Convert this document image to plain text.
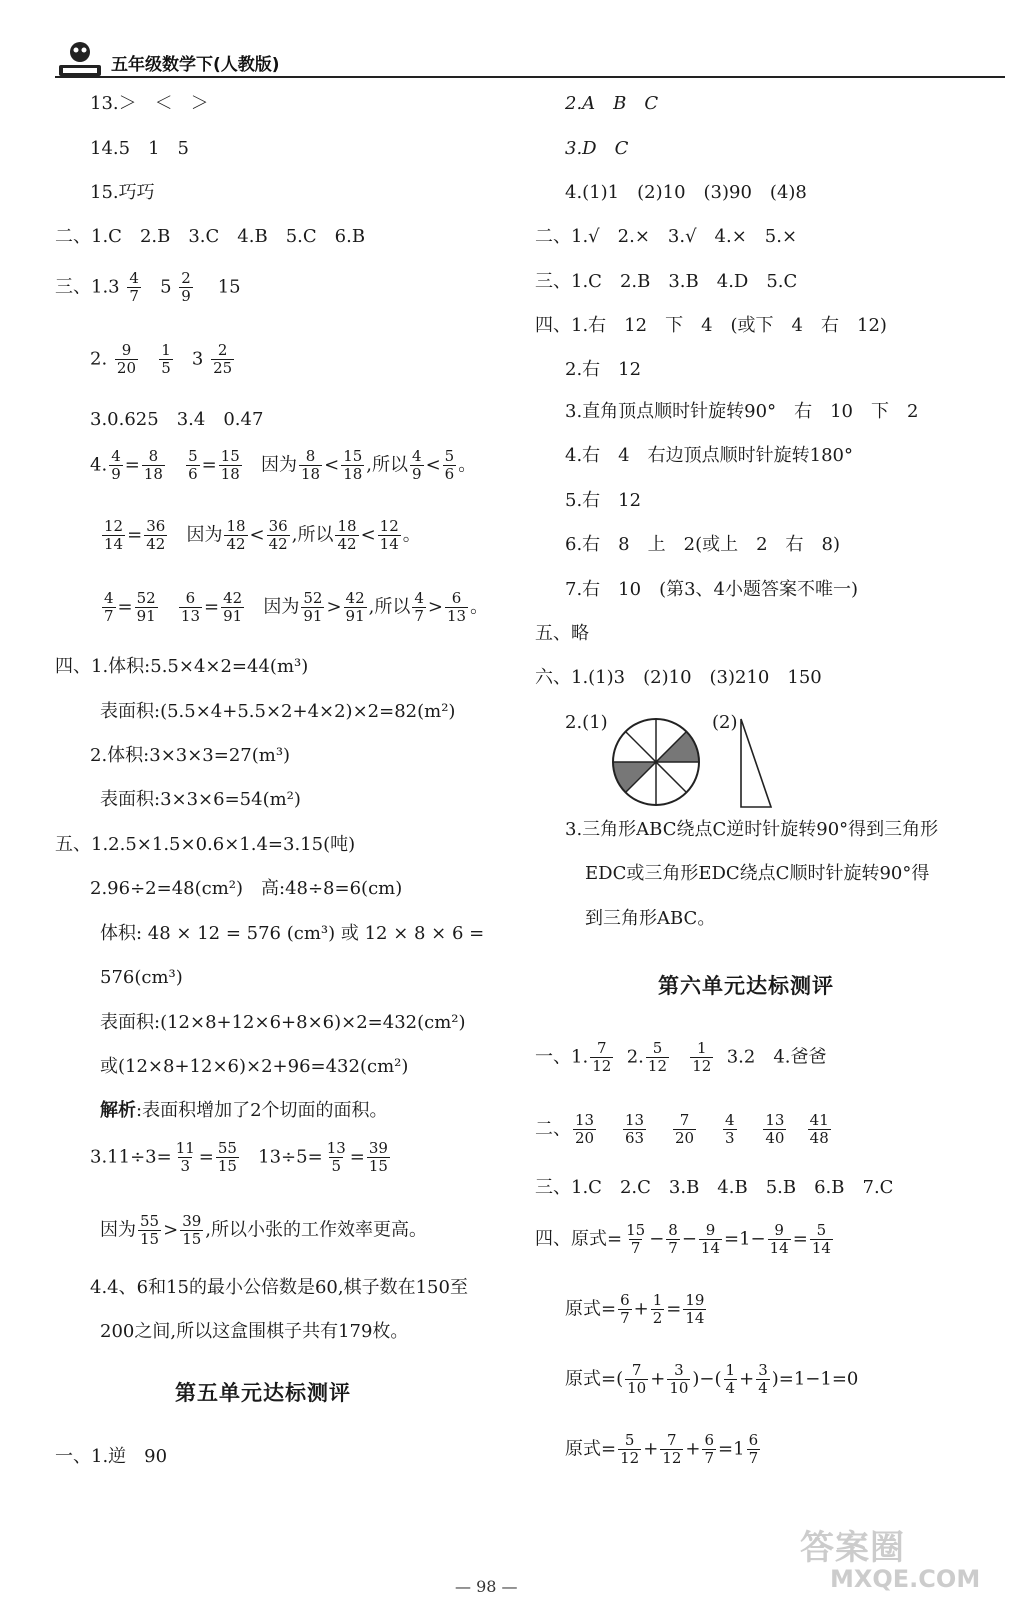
五年级数学下(人教版)
13.＞　＜　＞
14.5　1　5
15.巧巧
二、1.C　2.B　3.C　4.B　5.C　6.B
三、$1.3 \frac{4}{7} 5 \frac{2}{9} 15$
2. $\frac{9}{20}$
$\frac{1}{5} 3 \frac{2}{25}$
3.0.625　3.4　0.47
4. $\frac{4}{9} = \frac{8}{18}$
$\frac{5}{6} = \frac{15}{18}$ 因为 $\frac{8}{18} < \frac{15}{18}$ ,所以 $\frac{4}{9} < \frac{5}{6}$ 。
$\frac{12}{14} = \frac{36}{42}$ 因为 $\frac{18}{42} < \frac{36}{42}$ ,所以 $\frac{18}{42} < \frac{12}{14}$ 。
$\frac{4}{7} = \frac{52}{91}$
$\frac{6}{13} = \frac{42}{91}$ 因为 $\frac{52}{91} > \frac{42}{91}$ ,所以 $\frac{4}{7} > \frac{6}{13}$ 。
四、1.体积:5.5×4×2=44(m³)
表面积:(5.5×4+5.5×2+4×2)×2=82(m²)
2.体积:3×3×3=27(m³)
表面积:3×3×6=54(m²)
五、1.2.5×1.5×0.6×1.4=3.15(吨)
2.96÷2=48(cm²)　高:48÷8=6(cm)
体积: 48 × 12 = 576 (cm³) 或 12 × 8 × 6 =
576(cm³)
表面积:(12×8+12×6+8×6)×2=432(cm²)
或(12×8+12×6)×2+96=432(cm²)
解析:表面积增加了2个切面的面积。
$3.11\div 3= \frac{11}{3} = \frac{55}{15} 13\div 5= \frac{13}{5} = \frac{39}{15}$
因为 $\frac{55}{15} > \frac{39}{15}$ ,所以小张的工作效率更高。
4.4、6和15的最小公倍数是60,棋子数在150至
200之间,所以这盒围棋子共有179枚。
第五单元达标测评
一、1.逆　90
2.A　B　C
3.D　C
4.(1)1　(2)10　(3)90　(4)8
二、1.√　2.×　3.√　4.×　5.×
三、1.C　2.B　3.B　4.D　5.C
四、1.右　12　下　4　(或下　4　右　12)
2.右　12
3.直角顶点顺时针旋转90°　右　10　下　2
4.右　4　右边顶点顺时针旋转180°
5.右　12
6.右　8　上　2(或上　2　右　8)
7.右　10　(第3、4小题答案不唯一)
五、略
六、1.(1)3　(2)10　(3)210　150
2.(1)	(2)
3.三角形ABC绕点C逆时针旋转90°得到三角形
EDC或三角形EDC绕点C顺时针旋转90°得
到三角形ABC。
第六单元达标测评
一、1. $\frac{7}{12} 2$. $\frac{5}{12}$
$\frac{1}{12} 3.2$　4.爸爸
二、 $\frac{13}{20}$
$\frac{13}{63}$
$\frac{7}{20}$
$\frac{4}{3}$
$\frac{13}{40}$
$\frac{41}{48}$
三、1.C　2.C　3.B　4.B　5.B　6.B　7.C
四、原式= $\frac{15}{7} - \frac{8}{7} - \frac{9}{14} =1- \frac{9}{14} = \frac{5}{14}$
原式= $\frac{6}{7} + \frac{1}{2} = \frac{19}{14}$
原式=( $\frac{7}{10} + \frac{3}{10}$ )−( $\frac{1}{4} + \frac{3}{4} )=1-1=0$
原式= $\frac{5}{12} + \frac{7}{12} + \frac{6}{7} =1 \frac{6}{7}$
— 98 —
答案圈
MXQE.COM
